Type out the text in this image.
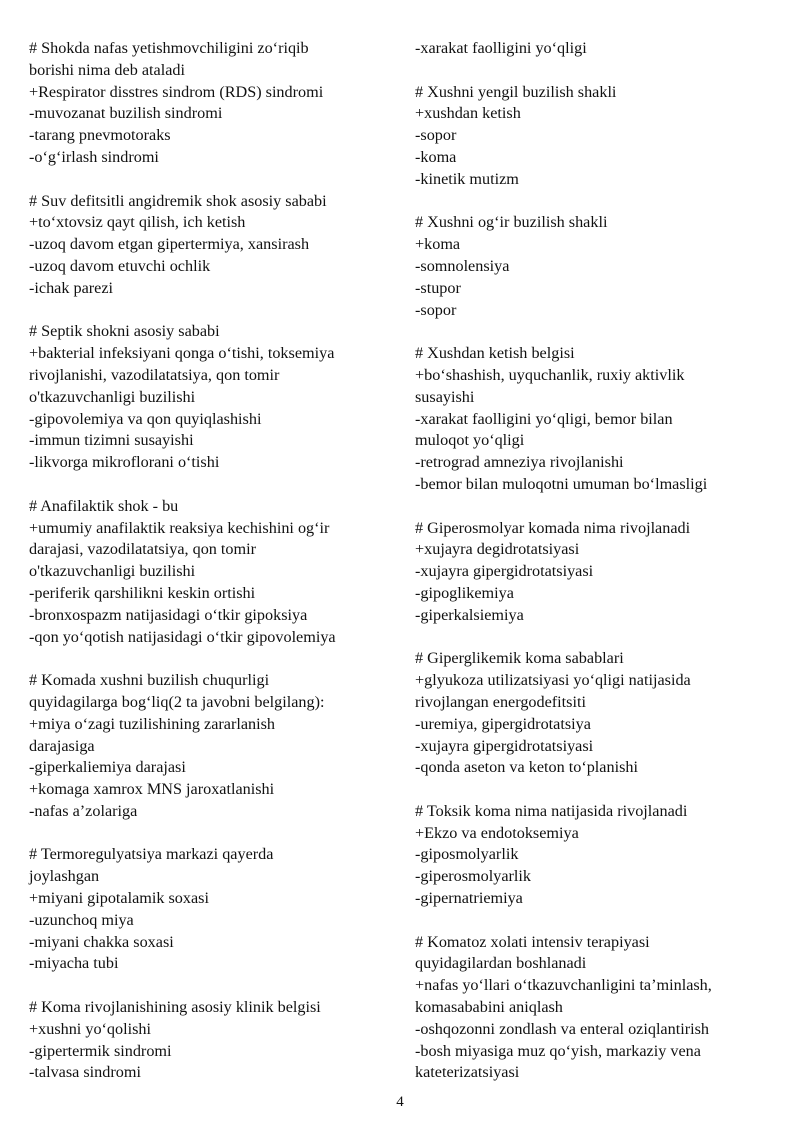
# Shokda nafas yetishmovchiligini zo‘riqib
borishi nima deb ataladi
+Respirator disstres sindrom (RDS) sindromi
-muvozanat buzilish sindromi
-tarang pnevmotoraks
-o‘g‘irlash sindromi
# Suv defitsitli angidremik shok asosiy sababi
+to‘xtovsiz qayt qilish, ich ketish
-uzoq davom etgan gipertermiya, xansirash
-uzoq davom etuvchi ochlik
-ichak parezi
# Septik shokni asosiy sababi
+bakterial infeksiyani qonga o‘tishi, toksemiya
rivojlanishi, vazodilatatsiya, qon tomir
o'tkazuvchanligi buzilishi
-gipovolemiya va qon quyiqlashishi
-immun tizimni susayishi
-likvorga mikroflorani o‘tishi
# Anafilaktik shok - bu
+umumiy anafilaktik reaksiya kechishini og‘ir
darajasi, vazodilatatsiya, qon tomir
o'tkazuvchanligi buzilishi
-periferik qarshilikni keskin ortishi
-bronxospazm natijasidagi o‘tkir gipoksiya
-qon yo‘qotish natijasidagi o‘tkir gipovolemiya
# Komada xushni buzilish chuqurligi
quyidagilarga bog‘liq(2 ta javobni belgilang):
+miya o‘zagi tuzilishining zararlanish
darajasiga
-giperkaliemiya darajasi
+komaga xamrox MNS jaroxatlanishi
-nafas a’zolariga
# Termoregulyatsiya markazi qayerda
joylashgan
+miyani gipotalamik soxasi
-uzunchoq miya
-miyani chakka soxasi
-miyacha tubi
# Koma rivojlanishining asosiy klinik belgisi
+xushni yo‘qolishi
-gipertermik sindromi
-talvasa sindromi
-xarakat faolligini yo‘qligi
# Xushni yengil buzilish shakli
+xushdan ketish
-sopor
-koma
-kinetik mutizm
# Xushni og‘ir buzilish shakli
+koma
-somnolensiya
-stupor
-sopor
# Xushdan ketish belgisi
+bo‘shashish, uyquchanlik, ruxiy aktivlik
susayishi
-xarakat faolligini yo‘qligi, bemor bilan
muloqot yo‘qligi
-retrograd amneziya rivojlanishi
-bemor bilan muloqotni umuman bo‘lmasligi
# Giperosmolyar komada nima rivojlanadi
+xujayra degidrotatsiyasi
-xujayra gipergidrotatsiyasi
-gipoglikemiya
-giperkalsiemiya
# Giperglikemik koma sabablari
+glyukoza utilizatsiyasi yo‘qligi natijasida
rivojlangan energodefitsiti
-uremiya, gipergidrotatsiya
-xujayra gipergidrotatsiyasi
-qonda aseton va keton to‘planishi
# Toksik koma nima natijasida rivojlanadi
+Ekzo va endotoksemiya
-giposmolyarlik
-giperosmolyarlik
-gipernatriemiya
# Komatoz xolati intensiv terapiyasi
quyidagilardan boshlanadi
+nafas yo‘llari o‘tkazuvchanligini ta’minlash,
komasababini aniqlash
-oshqozonni zondlash va enteral oziqlantirish
-bosh miyasiga muz qo‘yish, markaziy vena
kateterizatsiyasi
4
